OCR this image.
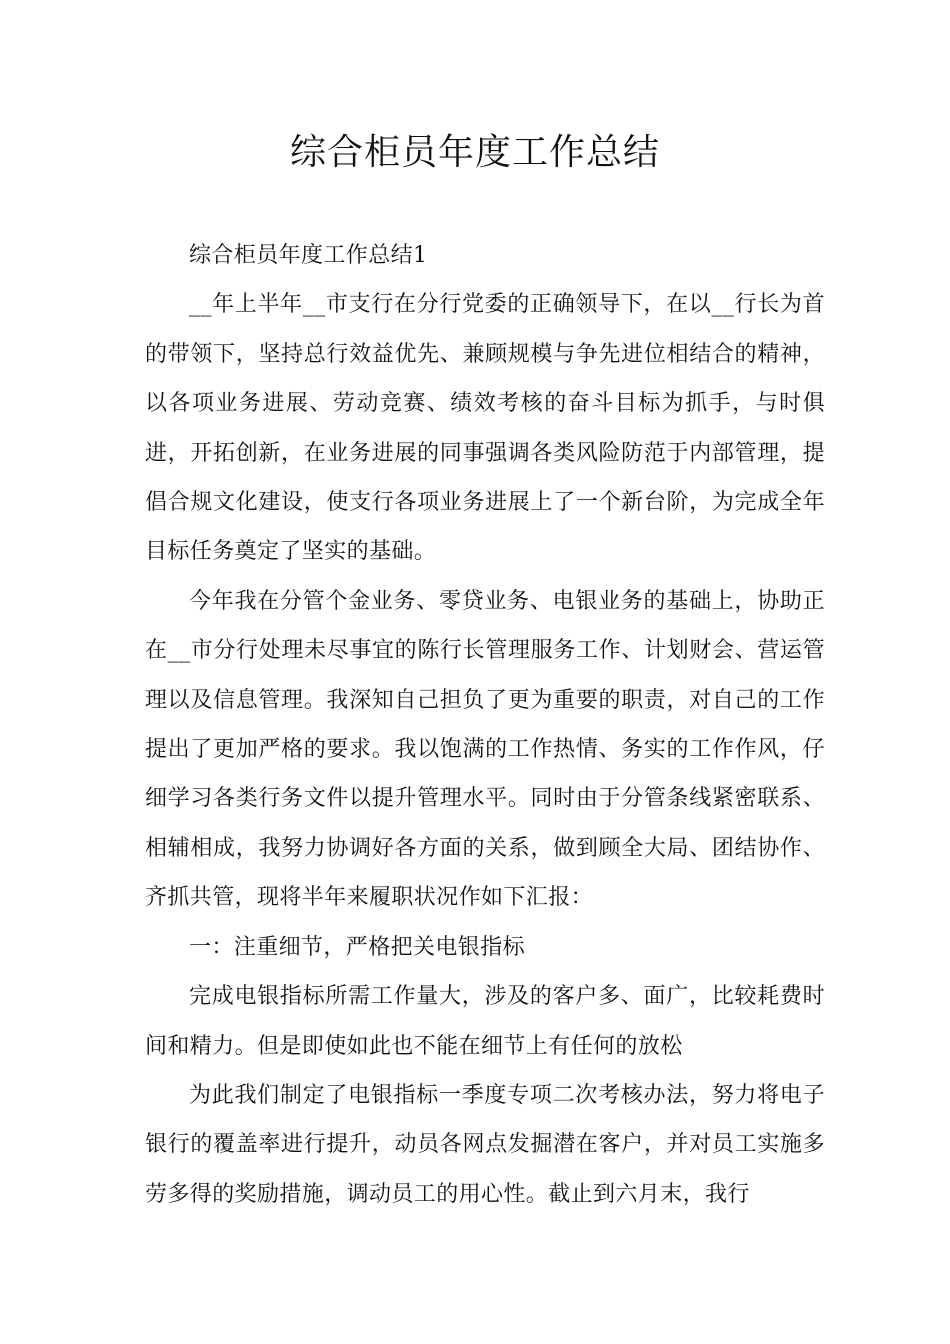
综合柜员年度工作总结

综合柜员年度工作总结1

__年上半年__市支行在分行党委的正确领导下，在以__行长为首的带领下，坚持总行效益优先、兼顾规模与争先进位相结合的精神，以各项业务进展、劳动竞赛、绩效考核的奋斗目标为抓手，与时俱进，开拓创新，在业务进展的同事强调各类风险防范于内部管理，提倡合规文化建设，使支行各项业务进展上了一个新台阶，为完成全年目标任务奠定了坚实的基础。

今年我在分管个金业务、零贷业务、电银业务的基础上，协助正在__市分行处理未尽事宜的陈行长管理服务工作、计划财会、营运管理以及信息管理。我深知自己担负了更为重要的职责，对自己的工作提出了更加严格的要求。我以饱满的工作热情、务实的工作作风，仔细学习各类行务文件以提升管理水平。同时由于分管条线紧密联系、相辅相成，我努力协调好各方面的关系，做到顾全大局、团结协作、齐抓共管，现将半年来履职状况作如下汇报：

一：注重细节，严格把关电银指标

完成电银指标所需工作量大，涉及的客户多、面广，比较耗费时间和精力。但是即使如此也不能在细节上有任何的放松

为此我们制定了电银指标一季度专项二次考核办法，努力将电子银行的覆盖率进行提升，动员各网点发掘潜在客户，并对员工实施多劳多得的奖励措施，调动员工的用心性。截止到六月末，我行
